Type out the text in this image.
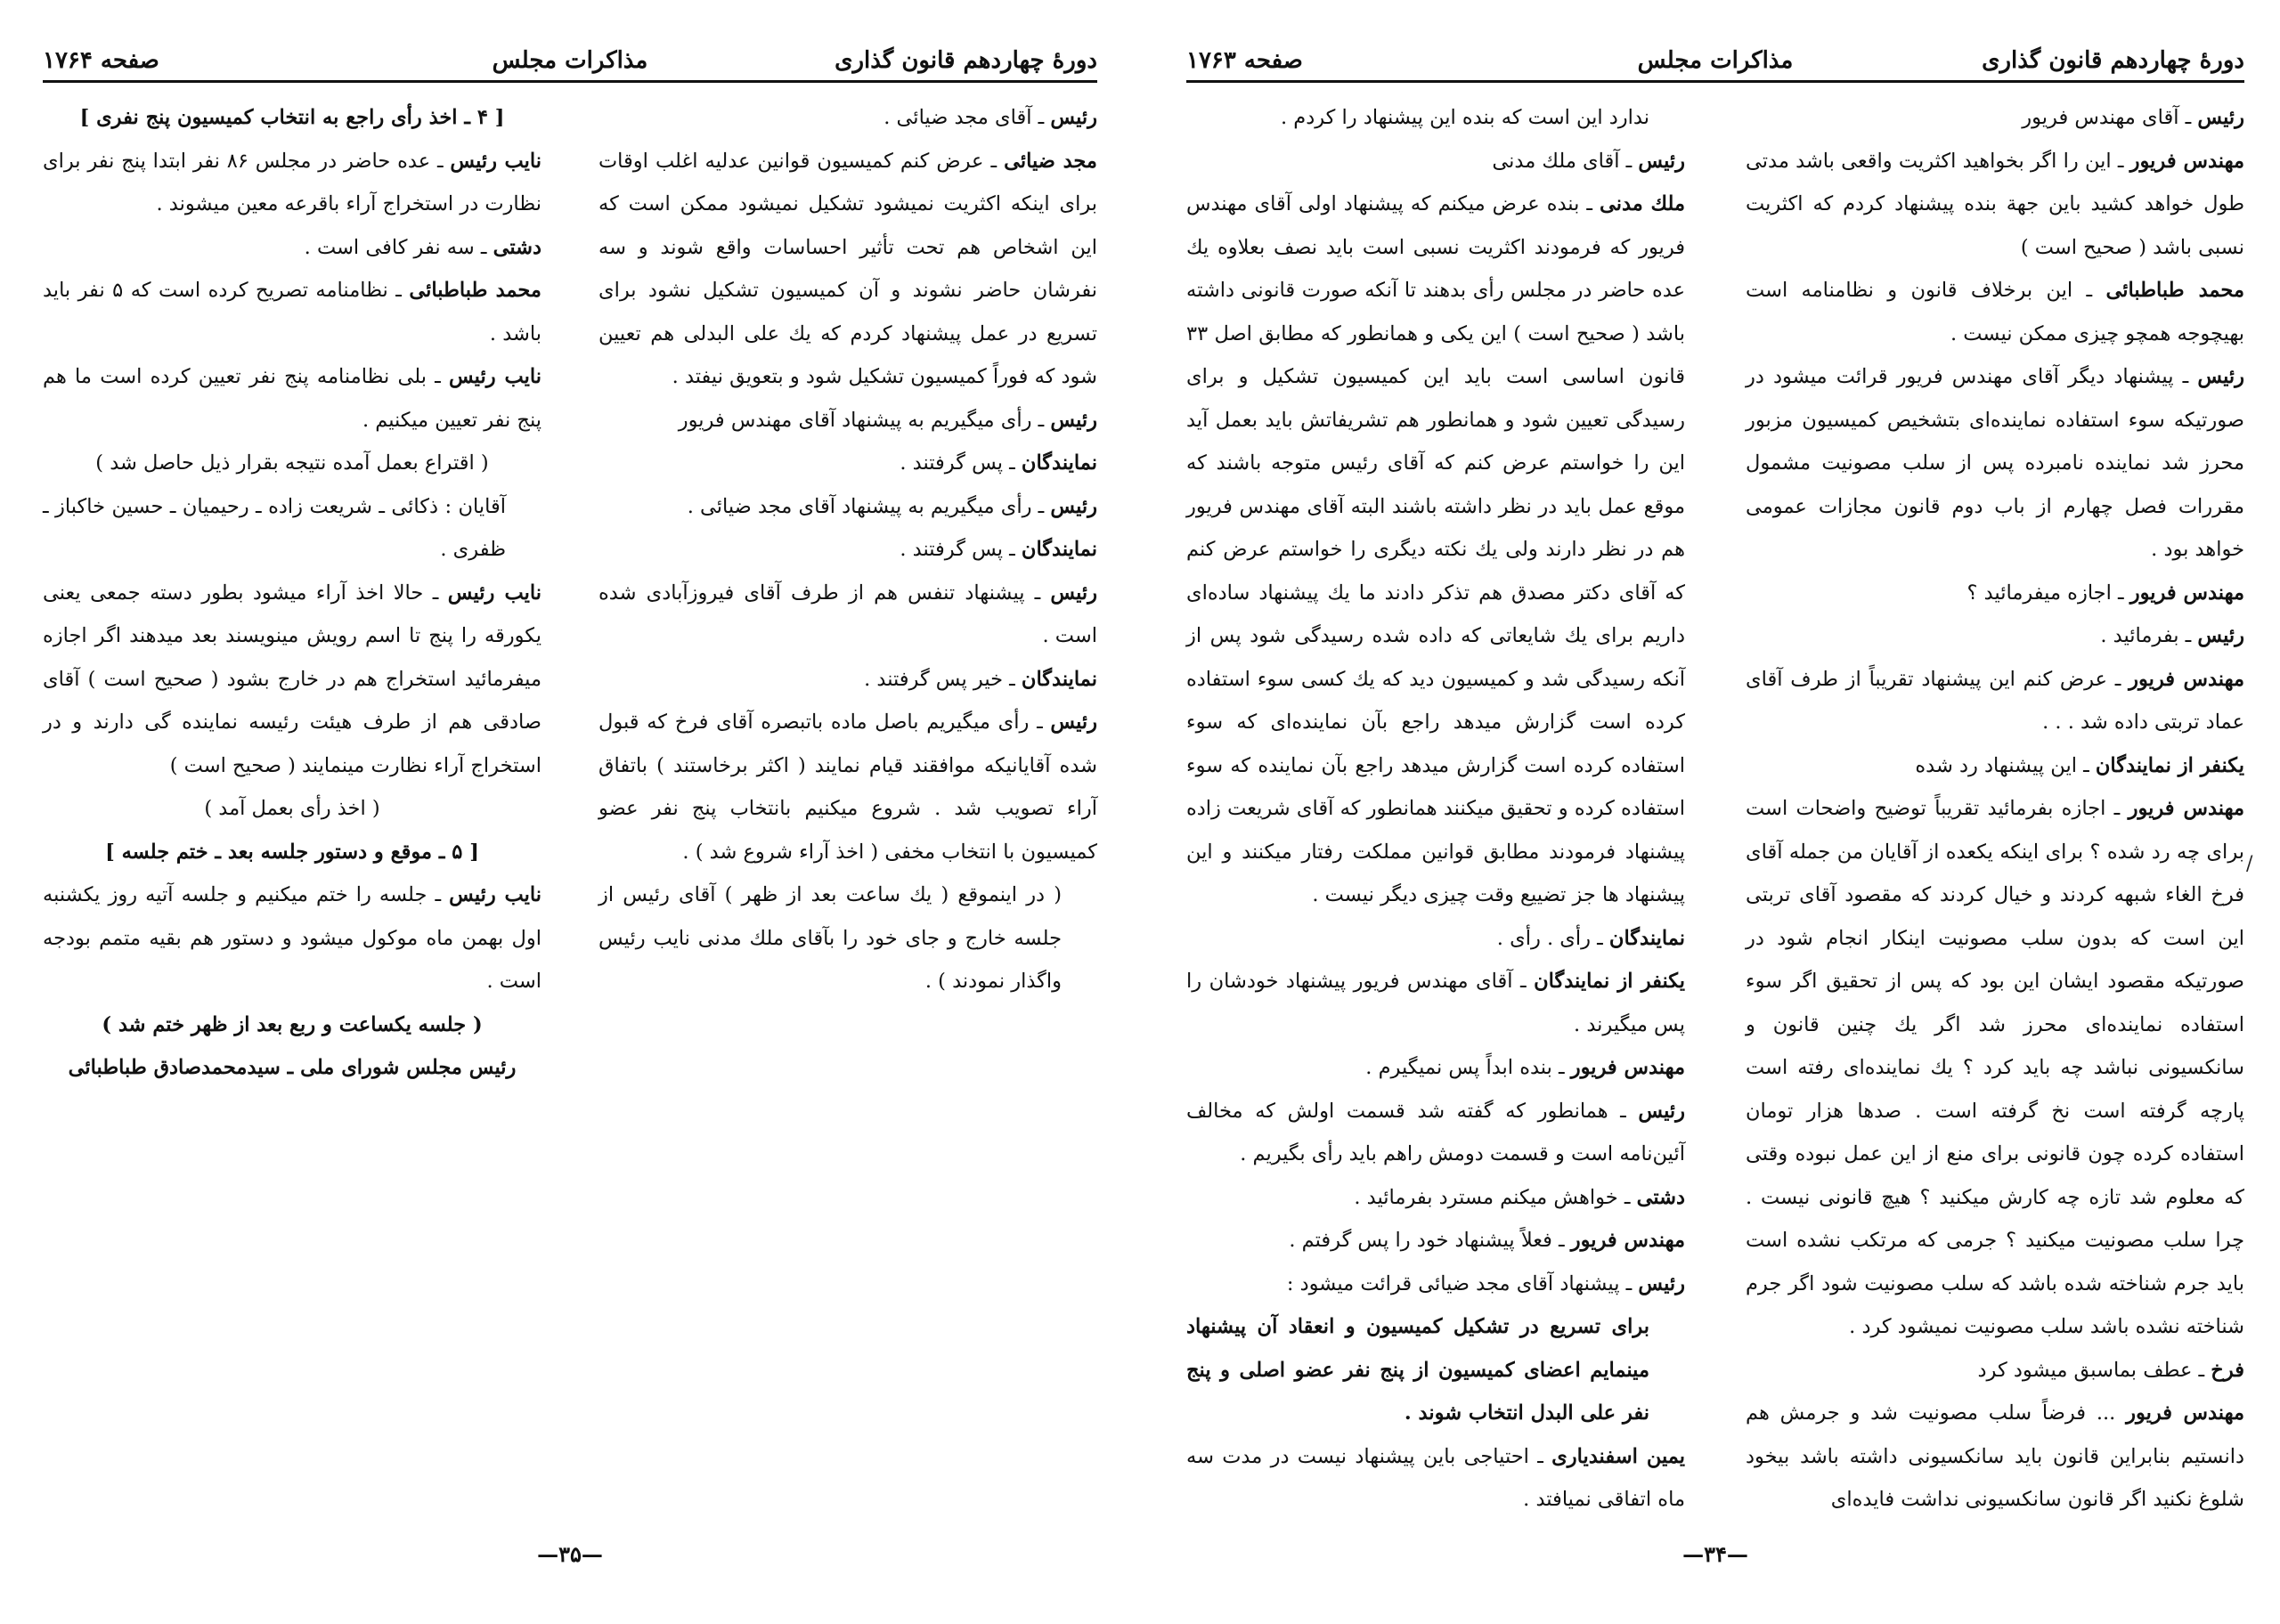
دورهٔ چهاردهم قانون گذاری
مذاکرات مجلس
صفحه ۱۷۶۴

رئیس ـ آقای مجد ضیائی .

مجد ضیائی ـ عرض کنم کمیسیون قوانین عدلیه اغلب اوقات برای اینکه اکثریت نمیشود تشکیل نمیشود ممکن است که این اشخاص هم تحت تأثیر احساسات واقع شوند و سه نفرشان حاضر نشوند و آن کمیسیون تشکیل نشود برای تسریع در عمل پیشنهاد کردم که یك علی البدلی هم تعیین شود که فوراً کمیسیون تشکیل شود و بتعویق نیفتد .

رئیس ـ رأی میگیریم به پیشنهاد آقای مهندس فریور

نمایندگان ـ پس گرفتند .

رئیس ـ رأی میگیریم به پیشنهاد آقای مجد ضیائی .

نمایندگان ـ پس گرفتند .

رئیس ـ پیشنهاد تنفس هم از طرف آقای فیروزآبادی شده است .

نمایندگان ـ خیر پس گرفتند .

رئیس ـ رأی میگیریم باصل ماده باتبصره آقای فرخ که قبول شده آقایانیکه موافقند قیام نمایند ( اکثر برخاستند ) باتفاق آراء تصویب شد . شروع میکنیم بانتخاب پنج نفر عضو کمیسیون با انتخاب مخفی ( اخذ آراء شروع شد ) .

( در اینموقع ( یك ساعت بعد از ظهر ) آقای رئیس از جلسه خارج و جای خود را بآقای ملك مدنی نایب رئیس واگذار نمودند ) .

[ ۴ ـ اخذ رأی راجع به انتخاب کمیسیون پنج نفری ]

نایب رئیس ـ عده حاضر در مجلس ۸۶ نفر ابتدا پنج نفر برای نظارت در استخراج آراء باقرعه معین میشوند .

دشتی ـ سه نفر کافی است .

محمد طباطبائی ـ نظامنامه تصریح کرده است که ۵ نفر باید باشد .

نایب رئیس ـ بلی نظامنامه پنج نفر تعیین کرده است ما هم پنج نفر تعیین میکنیم .

( اقتراع بعمل آمده نتیجه بقرار ذیل حاصل شد )

آقایان : ذکائی ـ شریعت زاده ـ رحیمیان ـ حسین خاکباز ـ ظفری .

نایب رئیس ـ حالا اخذ آراء میشود بطور دسته جمعی یعنی یکورقه را پنج تا اسم رویش مینویسند بعد میدهند اگر اجازه میفرمائید استخراج هم در خارج بشود ( صحیح است ) آقای صادقی هم از طرف هیئت رئیسه نماینده گی دارند و در استخراج آراء نظارت مینمایند ( صحیح است )

( اخذ رأی بعمل آمد )

[ ۵ ـ موقع و دستور جلسه بعد ـ ختم جلسه ]

نایب رئیس ـ جلسه را ختم میکنیم و جلسه آتیه روز یکشنبه اول بهمن ماه موکول میشود و دستور هم بقیه متمم بودجه است .

( جلسه یکساعت و ربع بعد از ظهر ختم شد )

رئیس مجلس شورای ملی ـ سیدمحمدصادق طباطبائی

—۳۵—
دورهٔ چهاردهم قانون گذاری
مذاکرات مجلس
صفحه ۱۷۶۳

رئیس ـ آقای مهندس فریور

مهندس فریور ـ این را اگر بخواهید اکثریت واقعی باشد مدتی طول خواهد کشید باین جهة بنده پیشنهاد کردم که اکثریت نسبی باشد ( صحیح است )

محمد طباطبائی ـ این برخلاف قانون و نظامنامه است بهیچوجه همچو چیزی ممکن نیست .

رئیس ـ پیشنهاد دیگر آقای مهندس فریور قرائت میشود در صورتیکه سوء استفاده نماینده‌ای بتشخیص کمیسیون مزبور محرز شد نماینده نامبرده پس از سلب مصونیت مشمول مقررات فصل چهارم از باب دوم قانون مجازات عمومی خواهد بود .

مهندس فریور ـ اجازه میفرمائید ؟

رئیس ـ بفرمائید .

مهندس فریور ـ عرض کنم این پیشنهاد تقریباً از طرف آقای عماد تربتی داده شد . . .

یکنفر از نمایندگان ـ این پیشنهاد رد شده

مهندس فریور ـ اجازه بفرمائید تقریباً توضیح واضحات است برای چه رد شده ؟ برای اینکه یکعده از آقایان من جمله آقای فرخ الغاء شبهه کردند و خیال کردند که مقصود آقای تربتی این است که بدون سلب مصونیت اینکار انجام شود در صورتیکه مقصود ایشان این بود که پس از تحقیق اگر سوء استفاده نماینده‌ای محرز شد اگر یك چنین قانون و سانکسیونی نباشد چه باید کرد ؟ یك نماینده‌ای رفته است پارچه گرفته است نخ گرفته است . صدها هزار تومان استفاده کرده چون قانونی برای منع از این عمل نبوده وقتی که معلوم شد تازه چه کارش میکنید ؟ هیچ قانونی نیست . چرا سلب مصونیت میکنید ؟ جرمی که مرتکب نشده است باید جرم شناخته شده باشد که سلب مصونیت شود اگر جرم شناخته نشده باشد سلب مصونیت نمیشود کرد .

فرخ ـ عطف بماسبق میشود کرد

مهندس فریور ... فرضاً سلب مصونیت شد و جرمش هم دانستیم بنابراین قانون باید سانکسیونی داشته باشد بیخود شلوغ نکنید اگر قانون سانکسیونی نداشت فایده‌ای

ندارد این است که بنده این پیشنهاد را کردم .

رئیس ـ آقای ملك مدنی

ملك مدنی ـ بنده عرض میکنم که پیشنهاد اولی آقای مهندس فریور که فرمودند اکثریت نسبی است باید نصف بعلاوه یك عده حاضر در مجلس رأی بدهند تا آنکه صورت قانونی داشته باشد ( صحیح است ) این یکی و همانطور که مطابق اصل ۳۳ قانون اساسی است باید این کمیسیون تشکیل و برای رسیدگی تعیین شود و همانطور هم تشریفاتش باید بعمل آید این را خواستم عرض کنم که آقای رئیس متوجه باشند که موقع عمل باید در نظر داشته باشند البته آقای مهندس فریور هم در نظر دارند ولی یك نکته دیگری را خواستم عرض کنم که آقای دکتر مصدق هم تذکر دادند ما یك پیشنهاد ساده‌ای داریم برای یك شایعاتی که داده شده رسیدگی شود پس از آنکه رسیدگی شد و کمیسیون دید که یك کسی سوء استفاده کرده است گزارش میدهد راجع بآن نماینده‌ای که سوء استفاده کرده است گزارش میدهد راجع بآن نماینده که سوء استفاده کرده و تحقیق میکنند همانطور که آقای شریعت زاده پیشنهاد فرمودند مطابق قوانین مملکت رفتار میکنند و این پیشنهاد ها جز تضییع وقت چیزی دیگر نیست .

نمایندگان ـ رأی . رأی .

یکنفر از نمایندگان ـ آقای مهندس فریور پیشنهاد خودشان را پس میگیرند .

مهندس فریور ـ بنده ابداً پس نمیگیرم .

رئیس ـ همانطور که گفته شد قسمت اولش که مخالف آئین‌نامه است و قسمت دومش راهم باید رأی بگیریم .

دشتی ـ خواهش میکنم مسترد بفرمائید .

مهندس فریور ـ فعلاً پیشنهاد خود را پس گرفتم .

رئیس ـ پیشنهاد آقای مجد ضیائی قرائت میشود :

برای تسریع در تشکیل کمیسیون و انعقاد آن پیشنهاد مینمایم اعضای کمیسیون از پنج نفر عضو اصلی و پنج نفر علی البدل انتخاب شوند .

یمین اسفندیاری ـ احتیاجی باین پیشنهاد نیست در مدت سه ماه اتفاقی نمیافتد .

—۳۴—
/
